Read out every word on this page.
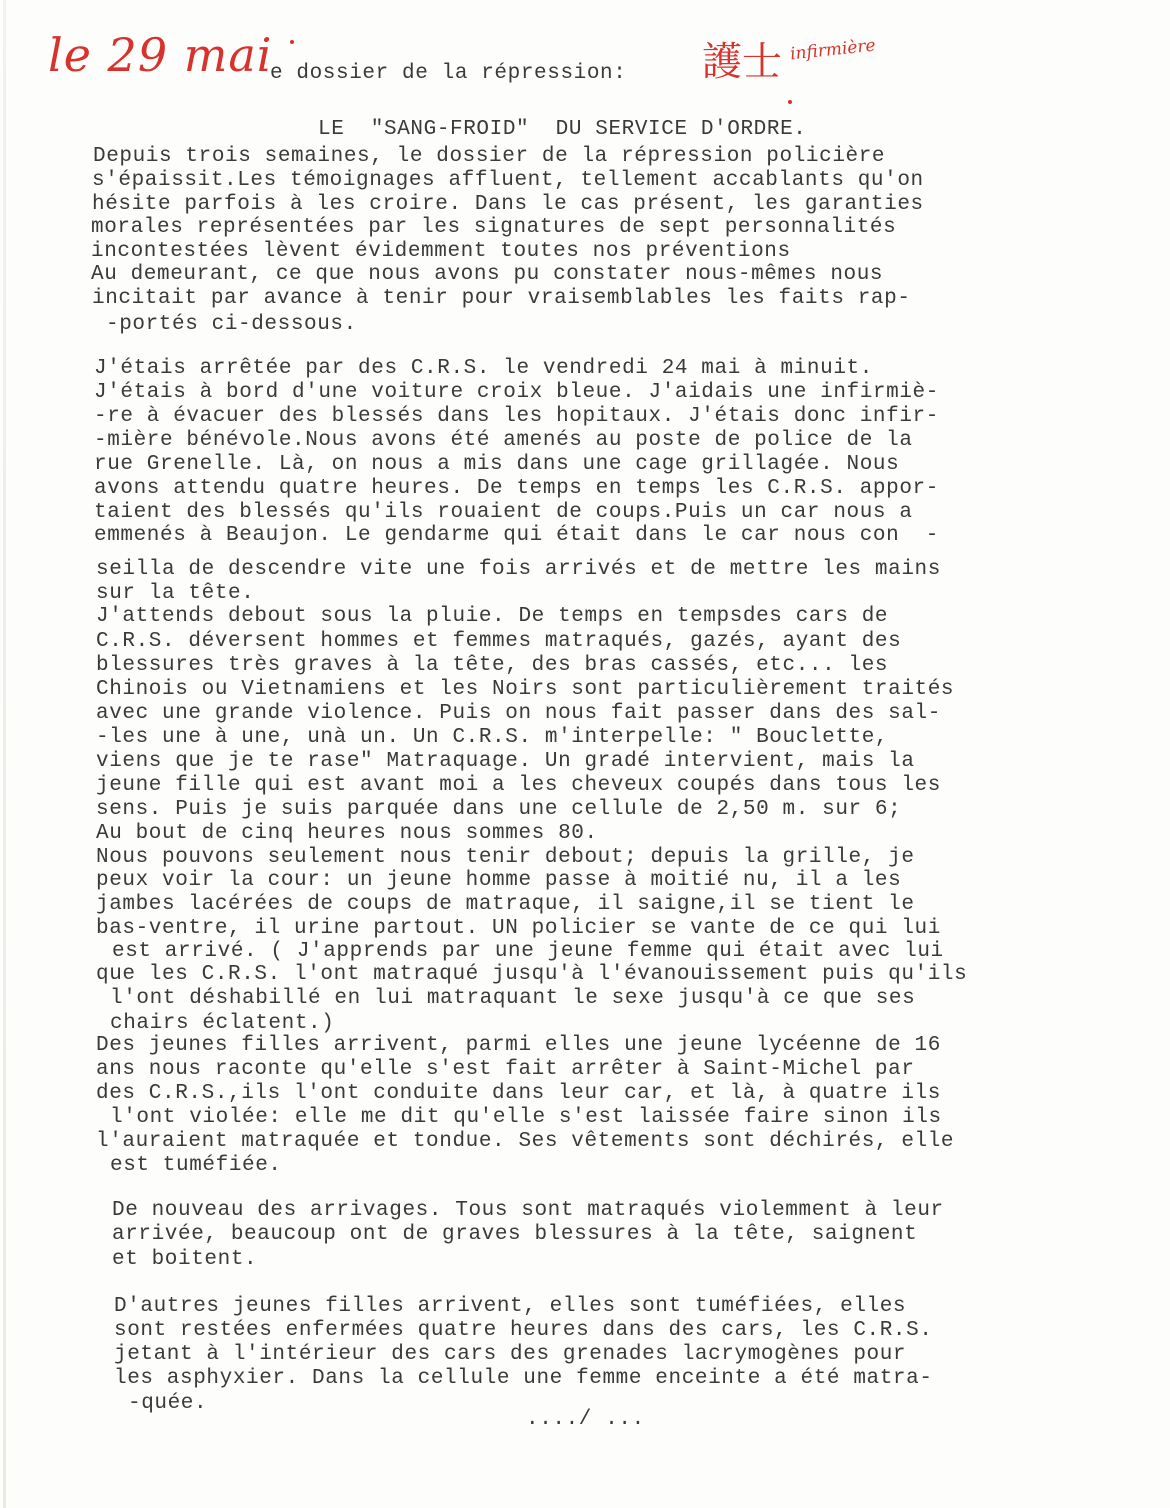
le 29 mai	護士 infirmière
e dossier de la répression:
LE  "SANG-FROID"  DU SERVICE D'ORDRE.
Depuis trois semaines, le dossier de la répression policière
s'épaissit.Les témoignages affluent, tellement accablants qu'on
hésite parfois à les croire. Dans le cas présent, les garanties
morales représentées par les signatures de sept personnalités
incontestées lèvent évidemment toutes nos préventions
Au demeurant, ce que nous avons pu constater nous-mêmes nous
incitait par avance à tenir pour vraisemblables les faits rap-
-portés ci-dessous.
J'étais arrêtée par des C.R.S. le vendredi 24 mai à minuit.
J'étais à bord d'une voiture croix bleue. J'aidais une infirmiè-
-re à évacuer des blessés dans les hopitaux. J'étais donc infir-
-mière bénévole.Nous avons été amenés au poste de police de la
rue Grenelle. Là, on nous a mis dans une cage grillagée. Nous
avons attendu quatre heures. De temps en temps les C.R.S. appor-
taient des blessés qu'ils rouaient de coups.Puis un car nous a
emmenés à Beaujon. Le gendarme qui était dans le car nous con  -
seilla de descendre vite une fois arrivés et de mettre les mains
sur la tête.
J'attends debout sous la pluie. De temps en tempsdes cars de
C.R.S. déversent hommes et femmes matraqués, gazés, ayant des
blessures très graves à la tête, des bras cassés, etc... les
Chinois ou Vietnamiens et les Noirs sont particulièrement traités
avec une grande violence. Puis on nous fait passer dans des sal-
-les une à une, unà un. Un C.R.S. m'interpelle: " Bouclette,
viens que je te rase" Matraquage. Un gradé intervient, mais la
jeune fille qui est avant moi a les cheveux coupés dans tous les
sens. Puis je suis parquée dans une cellule de 2,50 m. sur 6;
Au bout de cinq heures nous sommes 80.
Nous pouvons seulement nous tenir debout; depuis la grille, je
peux voir la cour: un jeune homme passe à moitié nu, il a les
jambes lacérées de coups de matraque, il saigne,il se tient le
bas-ventre, il urine partout. UN policier se vante de ce qui lui
est arrivé. ( J'apprends par une jeune femme qui était avec lui
que les C.R.S. l'ont matraqué jusqu'à l'évanouissement puis qu'ils
l'ont déshabillé en lui matraquant le sexe jusqu'à ce que ses
chairs éclatent.)
Des jeunes filles arrivent, parmi elles une jeune lycéenne de 16
ans nous raconte qu'elle s'est fait arrêter à Saint-Michel par
des C.R.S.,ils l'ont conduite dans leur car, et là, à quatre ils
l'ont violée: elle me dit qu'elle s'est laissée faire sinon ils
l'auraient matraquée et tondue. Ses vêtements sont déchirés, elle
est tuméfiée.
De nouveau des arrivages. Tous sont matraqués violemment à leur
arrivée, beaucoup ont de graves blessures à la tête, saignent
et boitent.
D'autres jeunes filles arrivent, elles sont tuméfiées, elles
sont restées enfermées quatre heures dans des cars, les C.R.S.
jetant à l'intérieur des cars des grenades lacrymogènes pour
les asphyxier. Dans la cellule une femme enceinte a été matra-
-quée.
..../ ...
